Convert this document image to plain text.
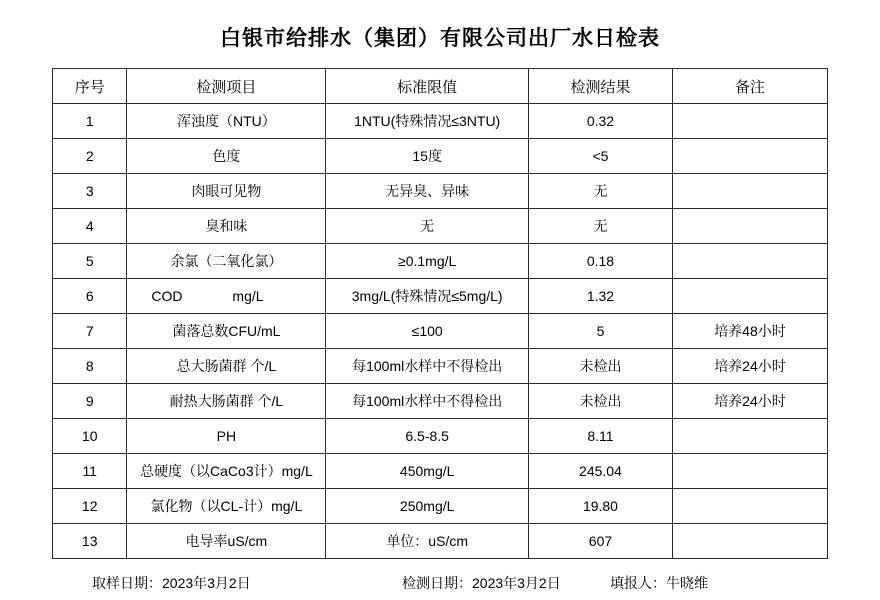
白银市给排水（集团）有限公司出厂水日检表
序号	检测项目	标准限值	检测结果	备注
1	浑浊度（NTU）	1NTU(特殊情况≤3NTU)	0.32	
2	色度	15度	<5	
3	肉眼可见物	无异臭、异味	无	
4	臭和味	无	无	
5	余氯（二氧化氯）	≥0.1mg/L	0.18	
6	COD mg/L	3mg/L(特殊情况≤5mg/L)	1.32	
7	菌落总数CFU/mL	≤100	5	培养48小时
8	总大肠菌群 个/L	每100ml水样中不得检出	未检出	培养24小时
9	耐热大肠菌群 个/L	每100ml水样中不得检出	未检出	培养24小时
10	PH	6.5-8.5	8.11	
11	总硬度（以CaCo3计）mg/L	450mg/L	245.04	
12	氯化物（以CL-计）mg/L	250mg/L	19.80	
13	电导率uS/cm	单位：uS/cm	607	
取样日期：2023年3月2日	检测日期：2023年3月2日	填报人：牛晓维
